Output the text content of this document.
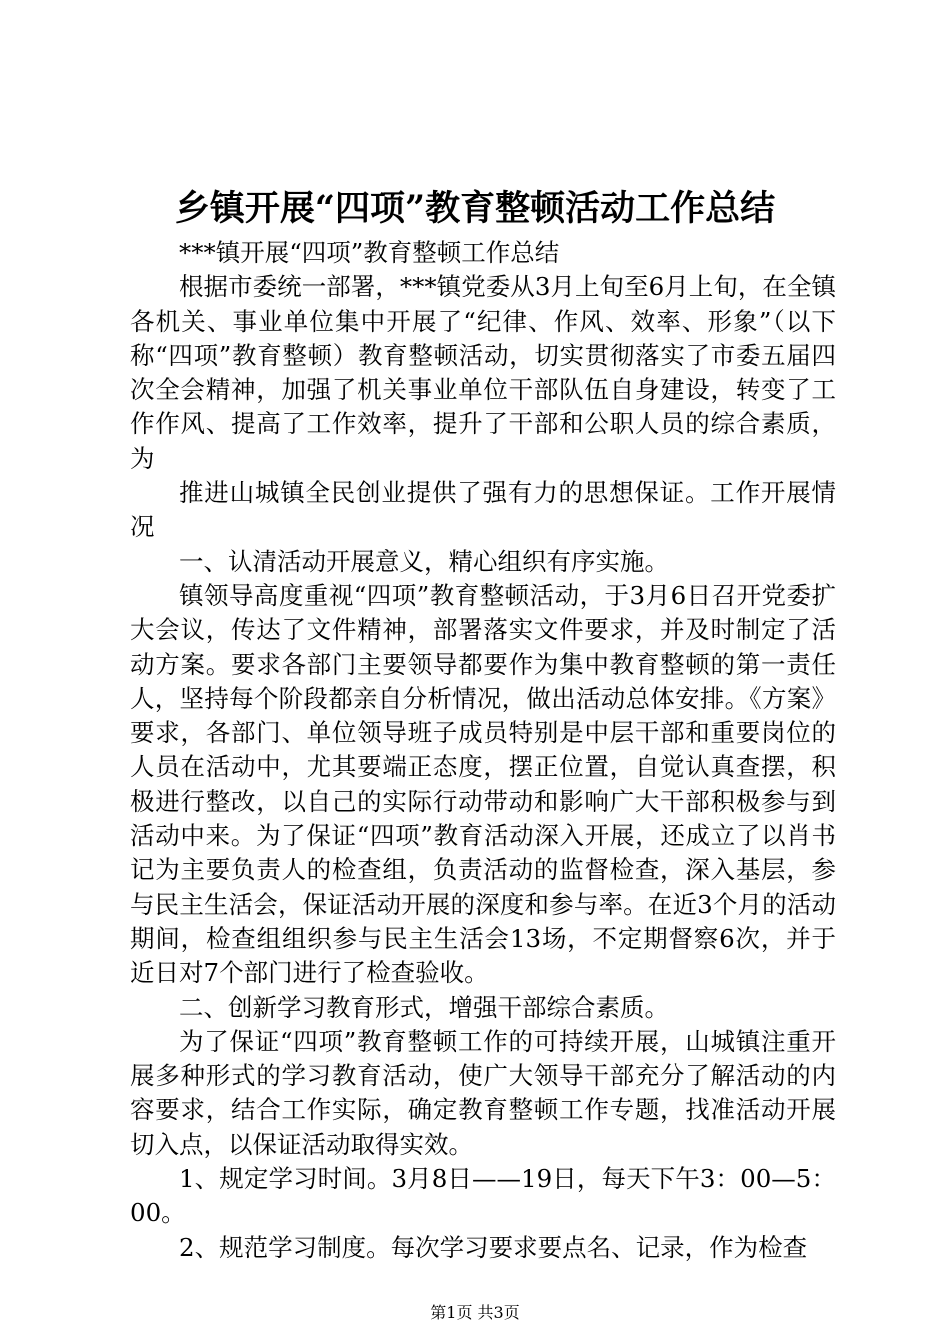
乡镇开展“四项”教育整顿活动工作总结

***镇开展“四项”教育整顿工作总结

根据市委统一部署，***镇党委从3月上旬至6月上旬，在全镇各机关、事业单位集中开展了“纪律、作风、效率、形象”（以下称“四项”教育整顿）教育整顿活动，切实贯彻落实了市委五届四次全会精神，加强了机关事业单位干部队伍自身建设，转变了工作作风、提高了工作效率，提升了干部和公职人员的综合素质，为

推进山城镇全民创业提供了强有力的思想保证。工作开展情况

一、认清活动开展意义，精心组织有序实施。

镇领导高度重视“四项”教育整顿活动，于3月6日召开党委扩大会议，传达了文件精神，部署落实文件要求，并及时制定了活动方案。要求各部门主要领导都要作为集中教育整顿的第一责任人，坚持每个阶段都亲自分析情况，做出活动总体安排。《方案》要求，各部门、单位领导班子成员特别是中层干部和重要岗位的人员在活动中，尤其要端正态度，摆正位置，自觉认真查摆，积极进行整改，以自己的实际行动带动和影响广大干部积极参与到活动中来。为了保证“四项”教育活动深入开展，还成立了以肖书记为主要负责人的检查组，负责活动的监督检查，深入基层，参与民主生活会，保证活动开展的深度和参与率。在近3个月的活动期间，检查组组织参与民主生活会13场，不定期督察6次，并于近日对7个部门进行了检查验收。

二、创新学习教育形式，增强干部综合素质。

为了保证“四项”教育整顿工作的可持续开展，山城镇注重开展多种形式的学习教育活动，使广大领导干部充分了解活动的内容要求，结合工作实际，确定教育整顿工作专题，找准活动开展切入点，以保证活动取得实效。

1、规定学习时间。3月8日——19日，每天下午3：00—5：00。

2、规范学习制度。每次学习要求要点名、记录，作为检查

第1页 共3页
